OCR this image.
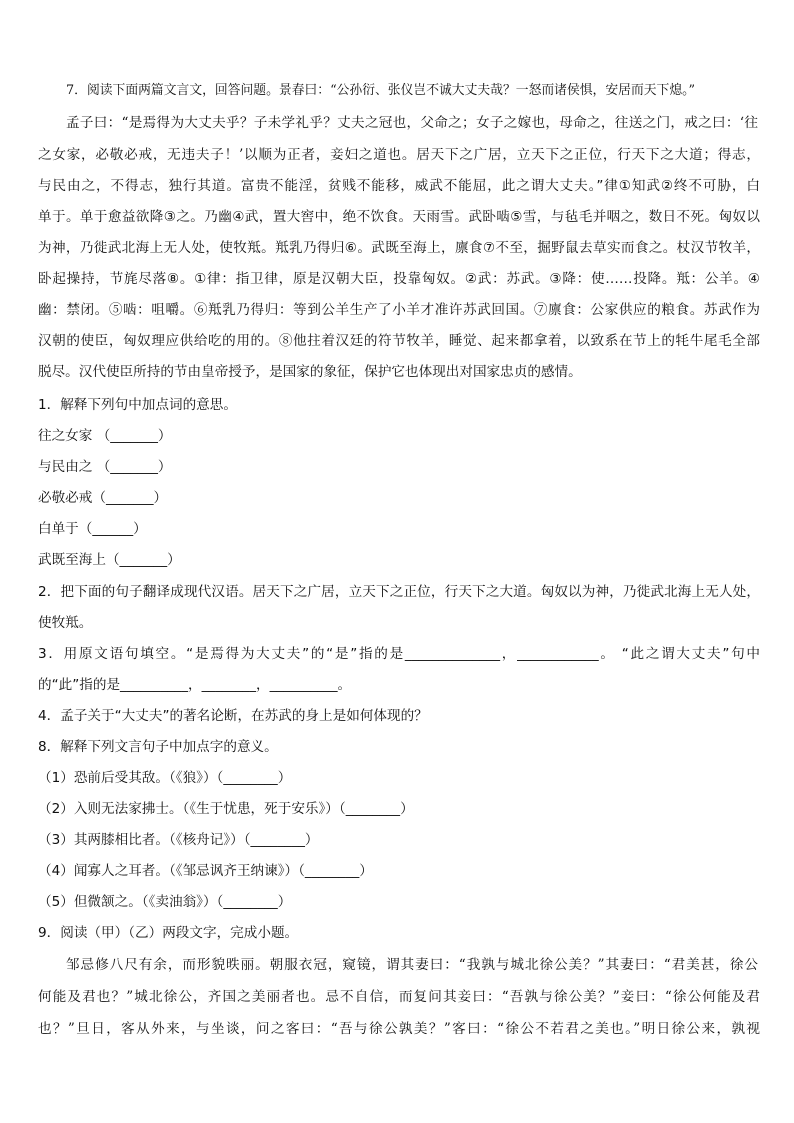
7．阅读下面两篇文言文，回答问题。景春曰：“公孙衍、张仪岂不诚大丈夫哉？一怒而诸侯惧，安居而天下熄。”
孟子曰：“是焉得为大丈夫乎？子未学礼乎？丈夫之冠也，父命之；女子之嫁也，母命之，往送之门，戒之曰：‘往
之女家，必敬必戒，无违夫子！’以顺为正者，妾妇之道也。居天下之广居，立天下之正位，行天下之大道；得志，
与民由之，不得志，独行其道。富贵不能淫，贫贱不能移，威武不能屈，此之谓大丈夫。”律①知武②终不可胁，白
单于。单于愈益欲降③之。乃幽④武，置大窖中，绝不饮食。天雨雪。武卧啮⑤雪，与毡毛并咽之，数日不死。匈奴以
为神，乃徙武北海上无人处，使牧羝。羝乳乃得归⑥。武既至海上，廪食⑦不至，掘野鼠去草实而食之。杖汉节牧羊，
卧起操持，节旄尽落⑧。①律：指卫律，原是汉朝大臣，投靠匈奴。②武：苏武。③降：使……投降。羝：公羊。④
幽：禁闭。⑤啮：咀嚼。⑥羝乳乃得归：等到公羊生产了小羊才准许苏武回国。⑦廪食：公家供应的粮食。苏武作为
汉朝的使臣，匈奴理应供给吃的用的。⑧他拄着汉廷的符节牧羊，睡觉、起来都拿着，以致系在节上的牦牛尾毛全部
脱尽。汉代使臣所持的节由皇帝授予，是国家的象征，保护它也体现出对国家忠贞的感情。
1．解释下列句中加点词的意思。
往之女家 （_______）
与民由之 （_______）
必敬必戒（_______）
白单于（______）
武既至海上（_______）
2．把下面的句子翻译成现代汉语。居天下之广居，立天下之正位，行天下之大道。匈奴以为神，乃徙武北海上无人处，
使牧羝。
3．用原文语句填空。“是焉得为大丈夫”的“是”指的是______________，____________。 “此之谓大丈夫”句中
的“此”指的是__________，________，__________。
4．孟子关于“大丈夫”的著名论断，在苏武的身上是如何体现的？
8．解释下列文言句子中加点字的意义。
（1）恐前后受其敌。（《狼》）（________）
（2）入则无法家拂士。（《生于忧患，死于安乐》）（________）
（3）其两膝相比者。（《核舟记》）（________）
（4）闻寡人之耳者。（《邹忌讽齐王纳谏》）（________）
（5）但微颔之。（《卖油翁》）（________）
9．阅读（甲）（乙）两段文字，完成小题。
邹忌修八尺有余，而形貌昳丽。朝服衣冠，窥镜，谓其妻曰：“我孰与城北徐公美？”其妻曰：“君美甚，徐公
何能及君也？”城北徐公，齐国之美丽者也。忌不自信，而复问其妾曰：“吾孰与徐公美？”妾曰：“徐公何能及君
也？”旦日，客从外来，与坐谈，问之客曰：“吾与徐公孰美？”客曰：“徐公不若君之美也。”明日徐公来，孰视
